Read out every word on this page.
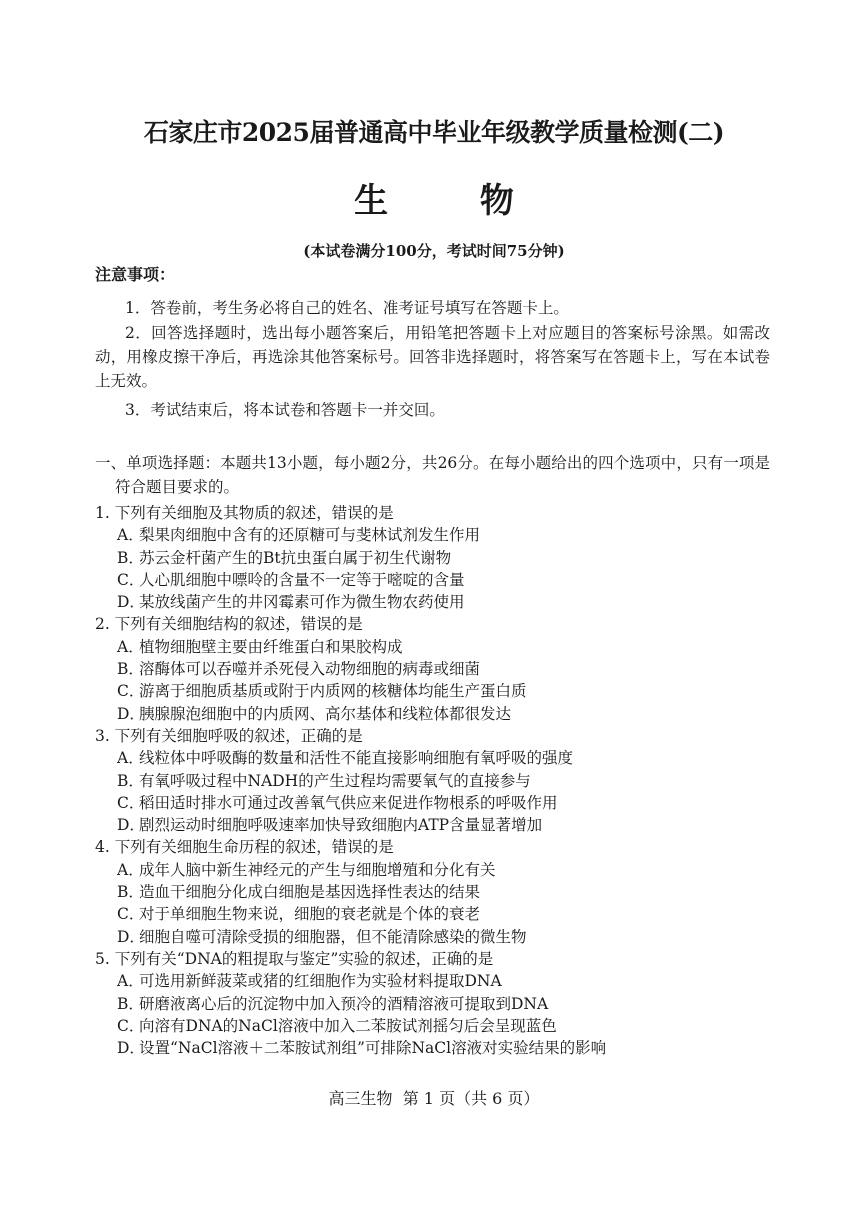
石家庄市2025届普通高中毕业年级教学质量检测(二)
生 物
(本试卷满分100分，考试时间75分钟)
注意事项：
1．答卷前，考生务必将自己的姓名、准考证号填写在答题卡上。
2．回答选择题时，选出每小题答案后，用铅笔把答题卡上对应题目的答案标号涂黑。如需改动，用橡皮擦干净后，再选涂其他答案标号。回答非选择题时，将答案写在答题卡上，写在本试卷上无效。
3．考试结束后，将本试卷和答题卡一并交回。
一、单项选择题：本题共13小题，每小题2分，共26分。在每小题给出的四个选项中，只有一项是符合题目要求的。
1. 下列有关细胞及其物质的叙述，错误的是
A．梨果肉细胞中含有的还原糖可与斐林试剂发生作用
B．苏云金杆菌产生的Bt抗虫蛋白属于初生代谢物
C．人心肌细胞中嘌呤的含量不一定等于嘧啶的含量
D．某放线菌产生的井冈霉素可作为微生物农药使用
2. 下列有关细胞结构的叙述，错误的是
A．植物细胞壁主要由纤维蛋白和果胶构成
B．溶酶体可以吞噬并杀死侵入动物细胞的病毒或细菌
C．游离于细胞质基质或附于内质网的核糖体均能生产蛋白质
D．胰腺腺泡细胞中的内质网、高尔基体和线粒体都很发达
3. 下列有关细胞呼吸的叙述，正确的是
A．线粒体中呼吸酶的数量和活性不能直接影响细胞有氧呼吸的强度
B．有氧呼吸过程中NADH的产生过程均需要氧气的直接参与
C．稻田适时排水可通过改善氧气供应来促进作物根系的呼吸作用
D．剧烈运动时细胞呼吸速率加快导致细胞内ATP含量显著增加
4. 下列有关细胞生命历程的叙述，错误的是
A．成年人脑中新生神经元的产生与细胞增殖和分化有关
B．造血干细胞分化成白细胞是基因选择性表达的结果
C．对于单细胞生物来说，细胞的衰老就是个体的衰老
D．细胞自噬可清除受损的细胞器，但不能清除感染的微生物
5. 下列有关“DNA的粗提取与鉴定”实验的叙述，正确的是
A．可选用新鲜菠菜或猪的红细胞作为实验材料提取DNA
B．研磨液离心后的沉淀物中加入预冷的酒精溶液可提取到DNA
C．向溶有DNA的NaCl溶液中加入二苯胺试剂摇匀后会呈现蓝色
D．设置“NaCl溶液＋二苯胺试剂组”可排除NaCl溶液对实验结果的影响
高三生物  第 1 页（共 6 页）
